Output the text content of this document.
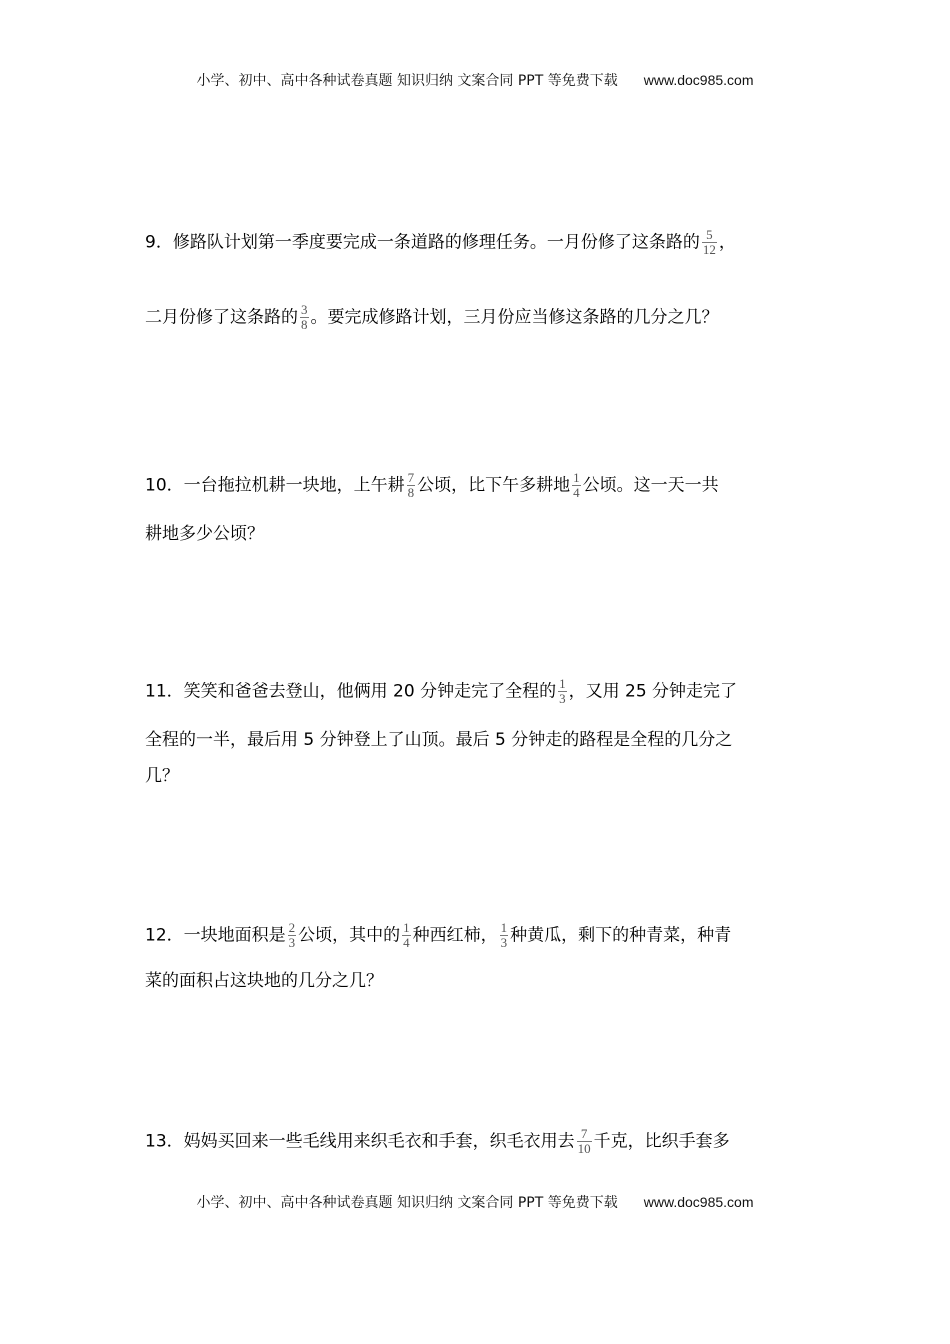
小学、初中、高中各种试卷真题 知识归纳 文案合同 PPT 等免费下载 www.doc985.com
9．修路队计划第一季度要完成一条道路的修理任务。一月份修了这条路的 $\frac{5}{12}$ ，
二月份修了这条路的 $\frac{3}{8}$ 。要完成修路计划，三月份应当修这条路的几分之几？
10．一台拖拉机耕一块地，上午耕 $\frac{7}{8}$ 公顷，比下午多耕地 $\frac{1}{4}$ 公顷。这一天一共
耕地多少公顷？
11．笑笑和爸爸去登山，他俩用 20 分钟走完了全程的 $\frac{1}{3}$ ，又用 25 分钟走完了
全程的一半，最后用 5 分钟登上了山顶。最后 5 分钟走的路程是全程的几分之
几？
12．一块地面积是 $\frac{2}{3}$ 公顷，其中的 $\frac{1}{4}$ 种西红柿， $\frac{1}{3}$ 种黄瓜，剩下的种青菜，种青
菜的面积占这块地的几分之几？
13．妈妈买回来一些毛线用来织毛衣和手套，织毛衣用去 $\frac{7}{10}$ 千克，比织手套多
小学、初中、高中各种试卷真题 知识归纳 文案合同 PPT 等免费下载 www.doc985.com
